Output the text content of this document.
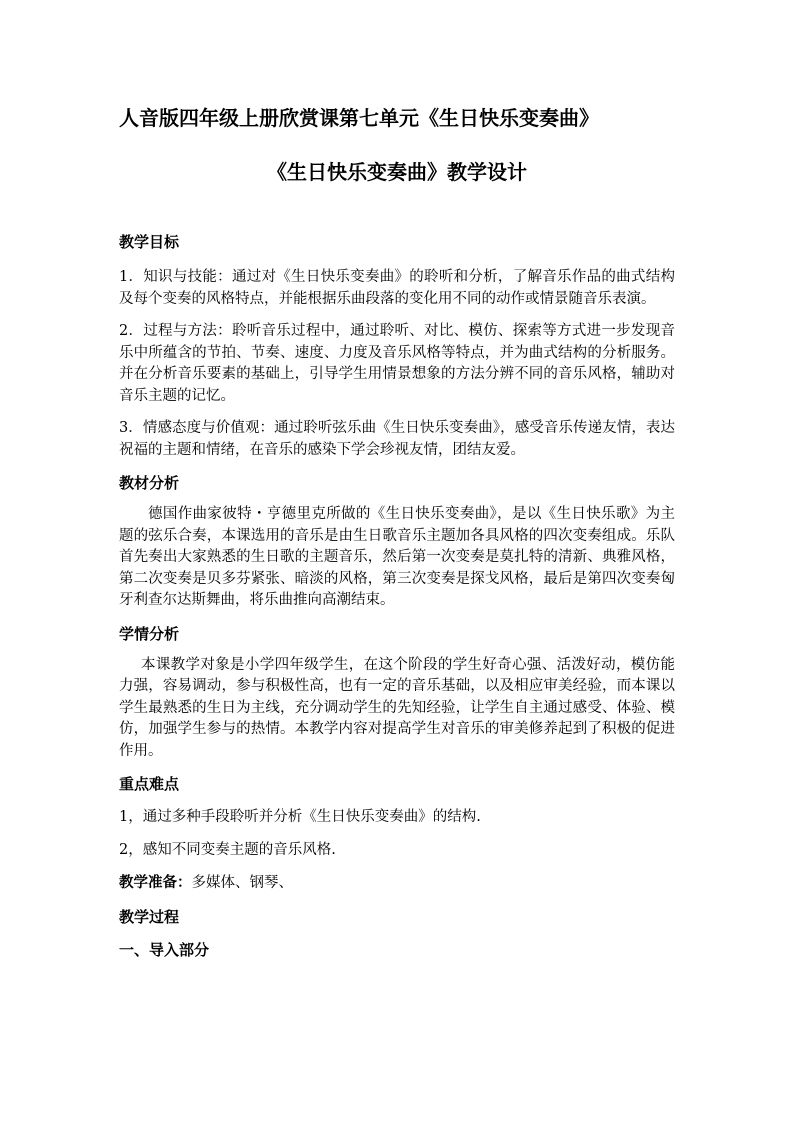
人音版四年级上册欣赏课第七单元《生日快乐变奏曲》
《生日快乐变奏曲》教学设计
教学目标

1．知识与技能：通过对《生日快乐变奏曲》的聆听和分析，了解音乐作品的曲式结构及每个变奏的风格特点，并能根据乐曲段落的变化用不同的动作或情景随音乐表演。

2．过程与方法：聆听音乐过程中，通过聆听、对比、模仿、探索等方式进一步发现音乐中所蕴含的节拍、节奏、速度、力度及音乐风格等特点，并为曲式结构的分析服务。并在分析音乐要素的基础上，引导学生用情景想象的方法分辨不同的音乐风格，辅助对音乐主题的记忆。

3．情感态度与价值观：通过聆听弦乐曲《生日快乐变奏曲》，感受音乐传递友情，表达祝福的主题和情绪，在音乐的感染下学会珍视友情，团结友爱。

教材分析

德国作曲家彼特・亨德里克所做的《生日快乐变奏曲》，是以《生日快乐歌》为主题的弦乐合奏，本课选用的音乐是由生日歌音乐主题加各具风格的四次变奏组成。乐队首先奏出大家熟悉的生日歌的主题音乐，然后第一次变奏是莫扎特的清新、典雅风格，第二次变奏是贝多芬紧张、暗淡的风格，第三次变奏是探戈风格，最后是第四次变奏匈牙利查尔达斯舞曲，将乐曲推向高潮结束。

学情分析

本课教学对象是小学四年级学生，在这个阶段的学生好奇心强、活泼好动，模仿能力强，容易调动，参与积极性高，也有一定的音乐基础，以及相应审美经验，而本课以学生最熟悉的生日为主线，充分调动学生的先知经验，让学生自主通过感受、体验、模仿，加强学生参与的热情。本教学内容对提高学生对音乐的审美修养起到了积极的促进作用。

重点难点

1，通过多种手段聆听并分析《生日快乐变奏曲》的结构.

2，感知不同变奏主题的音乐风格.

教学准备：多媒体、钢琴、

教学过程
一、导入部分
